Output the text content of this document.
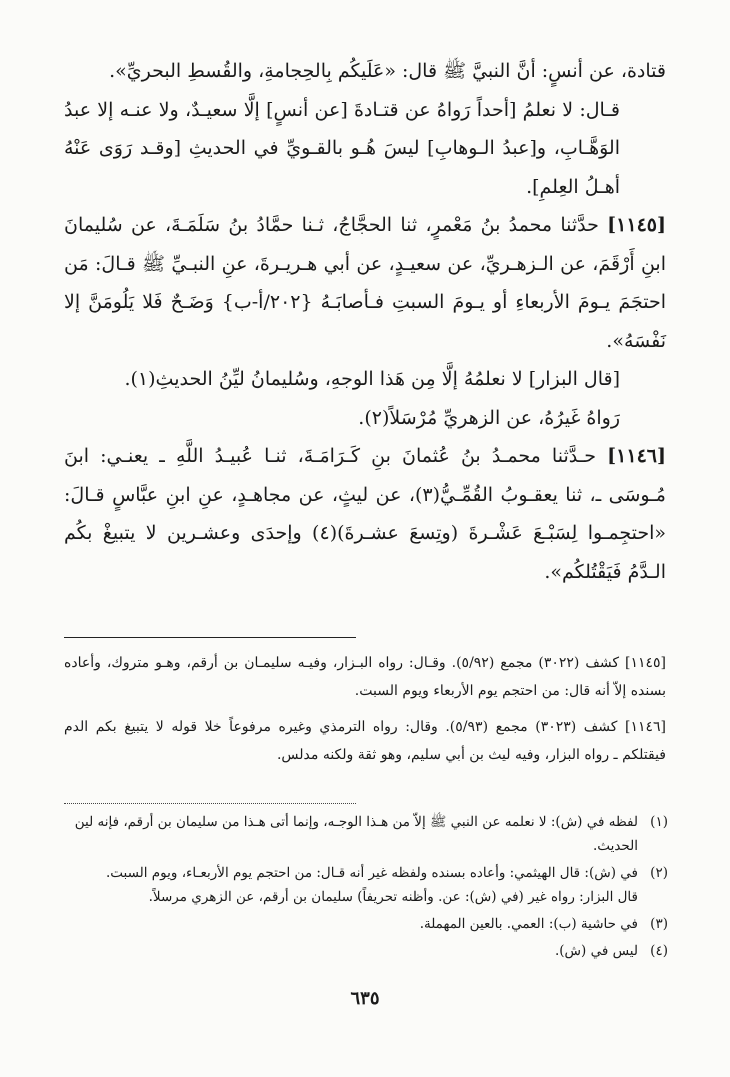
قتادة، عن أنسٍ: أنَّ النبيَّ ﷺ قال: «عَلَيكُم بِالحِجامةِ، والقُسطِ البحريِّ».

قـال: لا نعلمُ [أحداً رَواهُ عن قتـادةَ [عن أنسٍ] إلَّا سعيـدٌ، ولا عنـه إلا عبدُ الوَهَّـابِ، و[عبدُ الـوهابِ] ليسَ هُـو بالقـويِّ في الحديثِ [وقـد رَوَى عَنْهُ أهـلُ العِلمِ].

[١١٤٥] حدَّثنا محمدُ بنُ مَعْمرٍ، ثنا الحجَّاجُ، ثـنا حمَّادُ بنُ سَلَمَـةَ، عن سُليمانَ ابنِ أَرْقَمَ، عن الـزهـريِّ، عن سعيـدٍ، عن أبي هـريـرةَ، عنِ النبـيِّ ﷺ قـالَ: مَن احتجَمَ يـومَ الأربعاءِ أو يـومَ السبتِ فـأصابَـهُ {٢٠٢/أ-ب} وَضَـحٌ فَلا يَلُومَنَّ إلا نَفْسَهُ».

[قال البزار] لا نعلمُهُ إلَّا مِن هَذا الوجهِ، وسُليمانُ ليِّنُ الحديثِ(١).

رَواهُ غَيرُهُ، عن الزهريِّ مُرْسَلاً(٢).

[١١٤٦] حـدَّثنا محمـدُ بنُ عُثمانَ بنِ كَـرَامَـةَ، ثنـا عُبيـدُ اللَّهِ ـ يعنـي: ابنَ مُـوسَى ـ، ثنا يعقـوبُ القُمِّـيُّ(٣)، عن ليثٍ، عن مجاهـدٍ، عنِ ابنِ عبَّاسٍ قـالَ: «احتجِمـوا لِسَبْـعَ عَشْـرةَ (وتِسعَ عشـرةَ)(٤) وإحدَى وعشـرين لا يتبيغْ بكُم الـدَّمُ فَيَقْتُلكُم».

[١١٤٥] كشف (٣٠٢٢) مجمع (٥/٩٢). وقـال: رواه البـزار، وفيـه سليمـان بن أرقم، وهـو متروك، وأعاده بسنده إلاّ أنه قال: من احتجم يوم الأربعاء ويوم السبت.

[١١٤٦] كشف (٣٠٢٣) مجمع (٥/٩٣). وقال: رواه الترمذي وغيره مرفوعاً خلا قوله لا يتبيغ بكم الدم فيقتلكم ـ رواه البزار، وفيه ليث بن أبي سليم، وهو ثقة ولكنه مدلس.

(١)
لفظه في (ش): لا نعلمه عن النبي ﷺ إلاّ من هـذا الوجـه، وإنما أتى هـذا من سليمان بن أرقم، فإنه لين الحديث.
(٢)
في (ش): قال الهيثمي: وأعاده بسنده ولفظه غير أنه قـال: من احتجم يوم الأربعـاء، ويوم السبت.
قال البزار: رواه غير (في (ش): عن. وأظنه تحريفاً) سليمان بن أرقم، عن الزهري مرسلاً.
(٣)
في حاشية (ب): العمي. بالعين المهملة.
(٤)
ليس في (ش).
٦٣٥
